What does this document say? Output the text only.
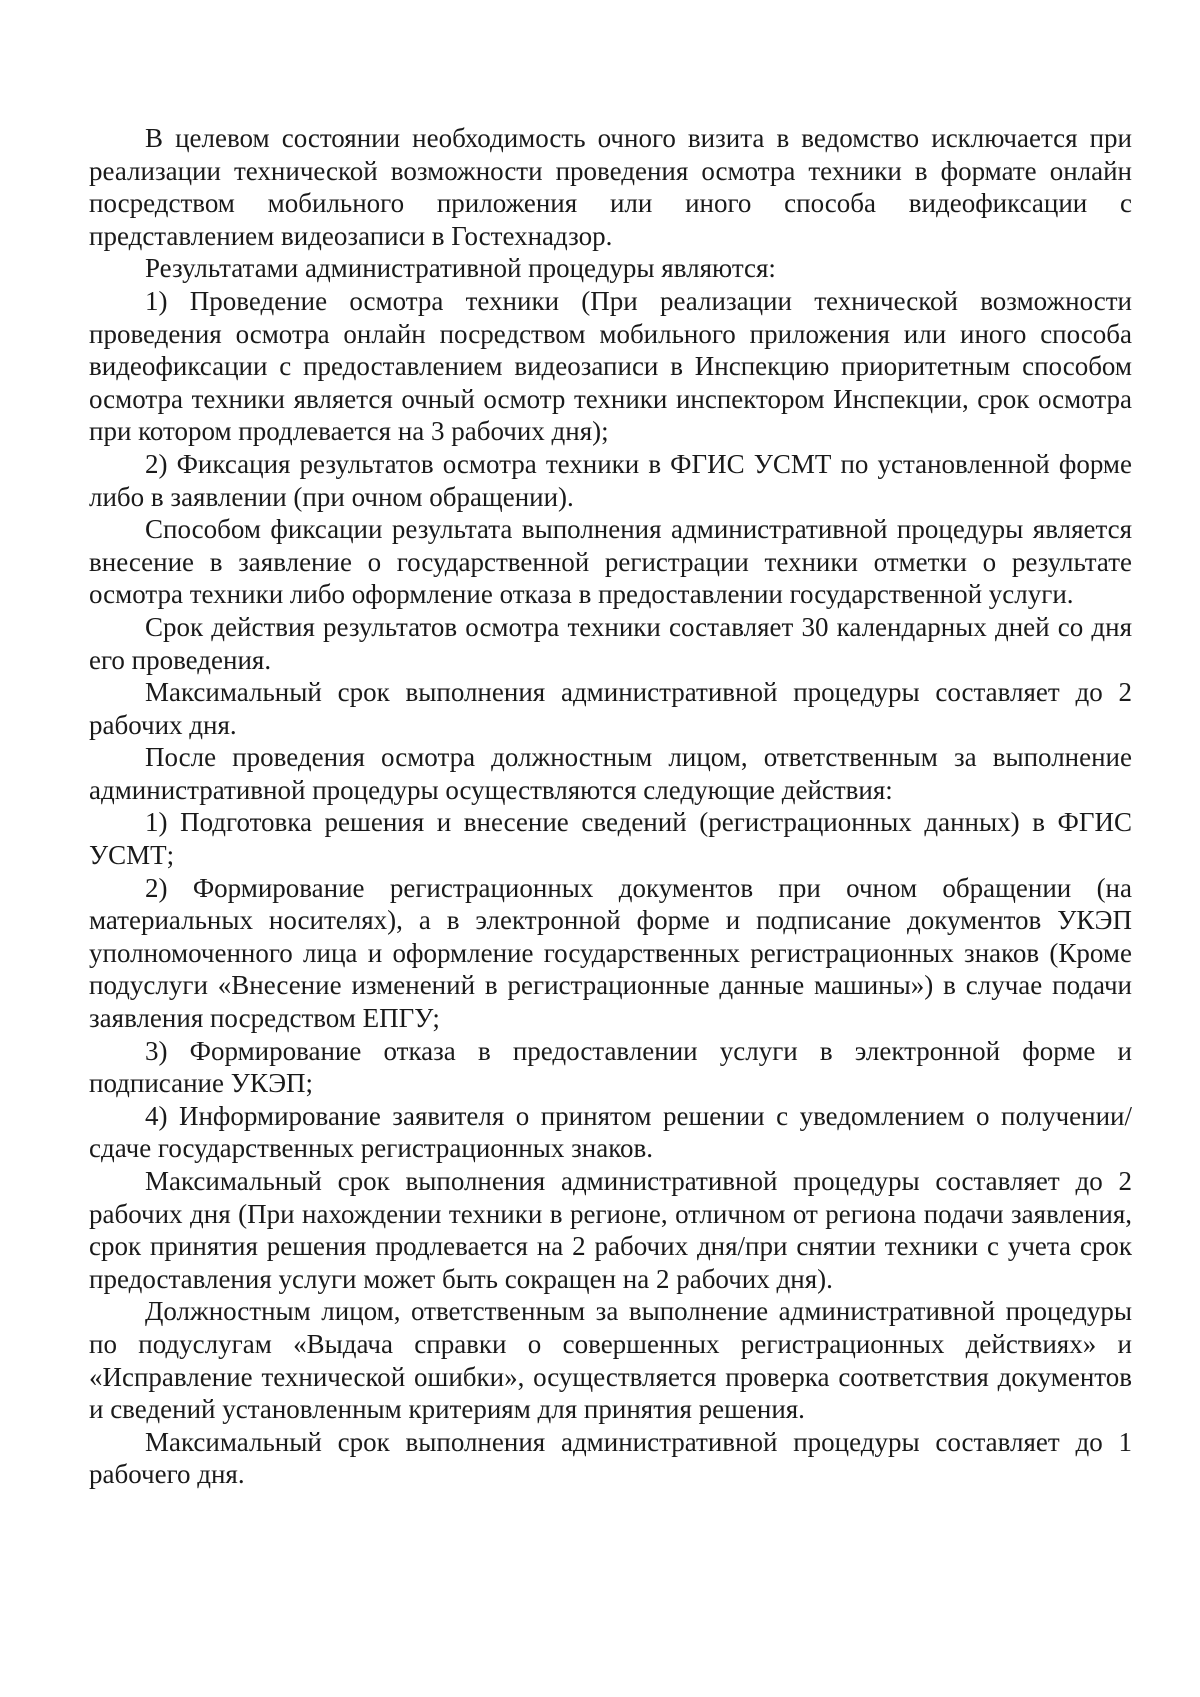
В целевом состоянии необходимость очного визита в ведомство исключается при реализации технической возможности проведения осмотра техники в формате онлайн посредством мобильного приложения или иного способа видеофиксации с представлением видеозаписи в Гостехнадзор.

Результатами административной процедуры являются:

1) Проведение осмотра техники (При реализации технической возможности проведения осмотра онлайн посредством мобильного приложения или иного способа видеофиксации с предоставлением видеозаписи в Инспекцию приоритетным способом осмотра техники является очный осмотр техники инспектором Инспекции, срок осмотра при котором продлевается на 3 рабочих дня);

2) Фиксация результатов осмотра техники в ФГИС УСМТ по установленной форме либо в заявлении (при очном обращении).

Способом фиксации результата выполнения административной процедуры является внесение в заявление о государственной регистрации техники отметки о результате осмотра техники либо оформление отказа в предоставлении государственной услуги.

Срок действия результатов осмотра техники составляет 30 календарных дней со дня его проведения.

Максимальный срок выполнения административной процедуры составляет до 2 рабочих дня.

После проведения осмотра должностным лицом, ответственным за выполнение административной процедуры осуществляются следующие действия:

1) Подготовка решения и внесение сведений (регистрационных данных) в ФГИС УСМТ;

2) Формирование регистрационных документов при очном обращении (на материальных носителях), а в электронной форме и подписание документов УКЭП уполномоченного лица и оформление государственных регистрационных знаков (Кроме подуслуги «Внесение изменений в регистрационные данные машины») в случае подачи заявления посредством ЕПГУ;

3) Формирование отказа в предоставлении услуги в электронной форме и подписание УКЭП;

4) Информирование заявителя о принятом решении с уведомлением о получении/сдаче государственных регистрационных знаков.

Максимальный срок выполнения административной процедуры составляет до 2 рабочих дня (При нахождении техники в регионе, отличном от региона подачи заявления, срок принятия решения продлевается на 2 рабочих дня/при снятии техники с учета срок предоставления услуги может быть сокращен на 2 рабочих дня).

Должностным лицом, ответственным за выполнение административной процедуры по подуслугам «Выдача справки о совершенных регистрационных действиях» и «Исправление технической ошибки», осуществляется проверка соответствия документов и сведений установленным критериям для принятия решения.

Максимальный срок выполнения административной процедуры составляет до 1 рабочего дня.
